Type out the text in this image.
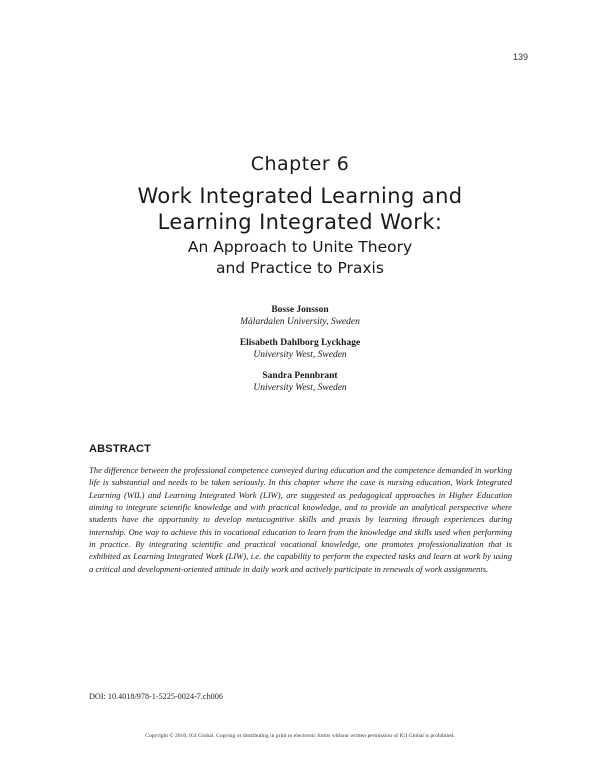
139
Chapter 6
Work Integrated Learning and
Learning Integrated Work:
An Approach to Unite Theory
and Practice to Praxis
Bosse Jonsson
Mälardalen University, Sweden
Elisabeth Dahlborg Lyckhage
University West, Sweden
Sandra Pennbrant
University West, Sweden
ABSTRACT
The difference between the professional competence conveyed during education and the competence demanded in working life is substantial and needs to be taken seriously. In this chapter where the case is nursing education, Work Integrated Learning (WIL) and Learning Integrated Work (LIW), are suggested as pedagogical approaches in Higher Education aiming to integrate scientific knowledge and with practical knowledge, and to provide an analytical perspective where students have the opportunity to develop metacognitive skills and praxis by learning through experiences during internship. One way to achieve this in vocational education to learn from the knowledge and skills used when performing in practice. By integrating scientific and practical vocational knowledge, one promotes professionalization that is exhibited as Learning Integrated Work (LIW), i.e. the capability to perform the expected tasks and learn at work by using a critical and development-oriented attitude in daily work and actively participate in renewals of work assignments.
DOI: 10.4018/978-1-5225-0024-7.ch006
Copyright © 2016, IGI Global. Copying or distributing in print or electronic forms without written permission of IGI Global is prohibited.
